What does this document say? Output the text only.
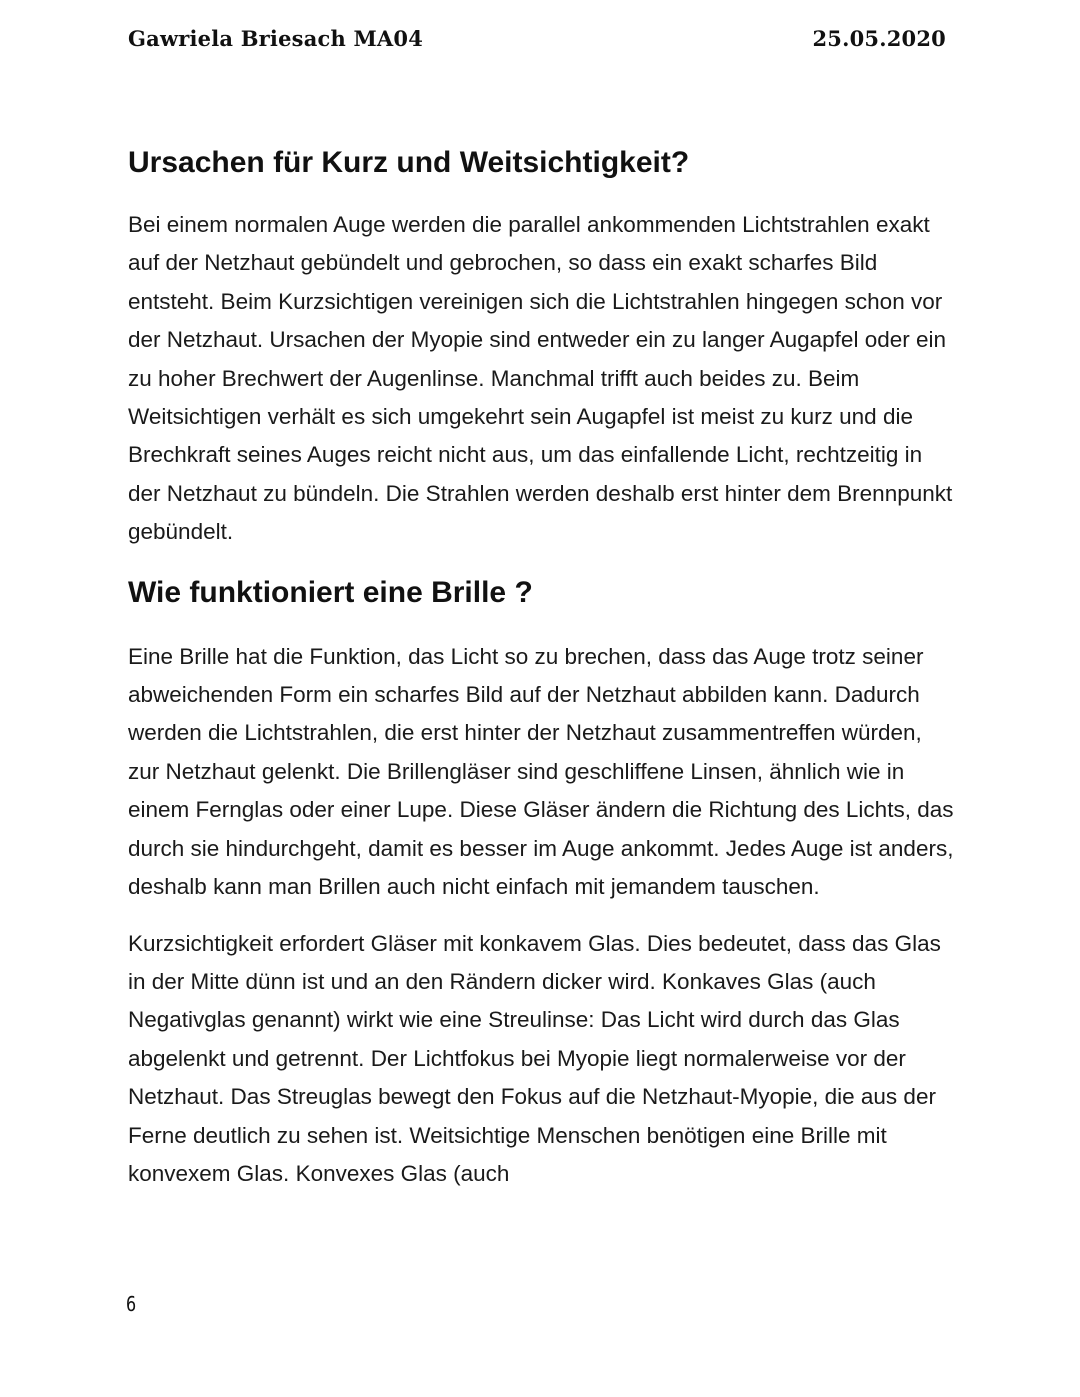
Gawriela Briesach MA04	25.05.2020
Ursachen für Kurz und Weitsichtigkeit?

Bei einem normalen Auge werden die parallel ankommenden Lichtstrahlen exakt auf der Netzhaut gebündelt und gebrochen, so dass ein exakt scharfes Bild entsteht. Beim Kurzsichtigen vereinigen sich die Lichtstrahlen hingegen schon vor der Netzhaut. Ursachen der Myopie sind entweder ein zu langer Augapfel oder ein zu hoher Brechwert der Augenlinse. Manchmal trifft auch beides zu. Beim Weitsichtigen verhält es sich umgekehrt sein Augapfel ist meist zu kurz und die Brechkraft seines Auges reicht nicht aus, um das einfallende Licht, rechtzeitig in der Netzhaut zu bündeln. Die Strahlen werden deshalb erst hinter dem Brennpunkt gebündelt.

Wie funktioniert eine Brille ?

Eine Brille hat die Funktion, das Licht so zu brechen, dass das Auge trotz seiner abweichenden Form ein scharfes Bild auf der Netzhaut abbilden kann. Dadurch werden die Lichtstrahlen, die erst hinter der Netzhaut zusammentreffen würden, zur Netzhaut gelenkt. Die Brillengläser sind geschliffene Linsen, ähnlich wie in einem Fernglas oder einer Lupe. Diese Gläser ändern die Richtung des Lichts, das durch sie hindurchgeht, damit es besser im Auge ankommt. Jedes Auge ist anders, deshalb kann man Brillen auch nicht einfach mit jemandem tauschen.

Kurzsichtigkeit erfordert Gläser mit konkavem Glas. Dies bedeutet, dass das Glas in der Mitte dünn ist und an den Rändern dicker wird. Konkaves Glas (auch Negativglas genannt) wirkt wie eine Streulinse: Das Licht wird durch das Glas abgelenkt und getrennt. Der Lichtfokus bei Myopie liegt normalerweise vor der Netzhaut. Das Streuglas bewegt den Fokus auf die Netzhaut-Myopie, die aus der Ferne deutlich zu sehen ist. Weitsichtige Menschen benötigen eine Brille mit konvexem Glas. Konvexes Glas (auch

6
